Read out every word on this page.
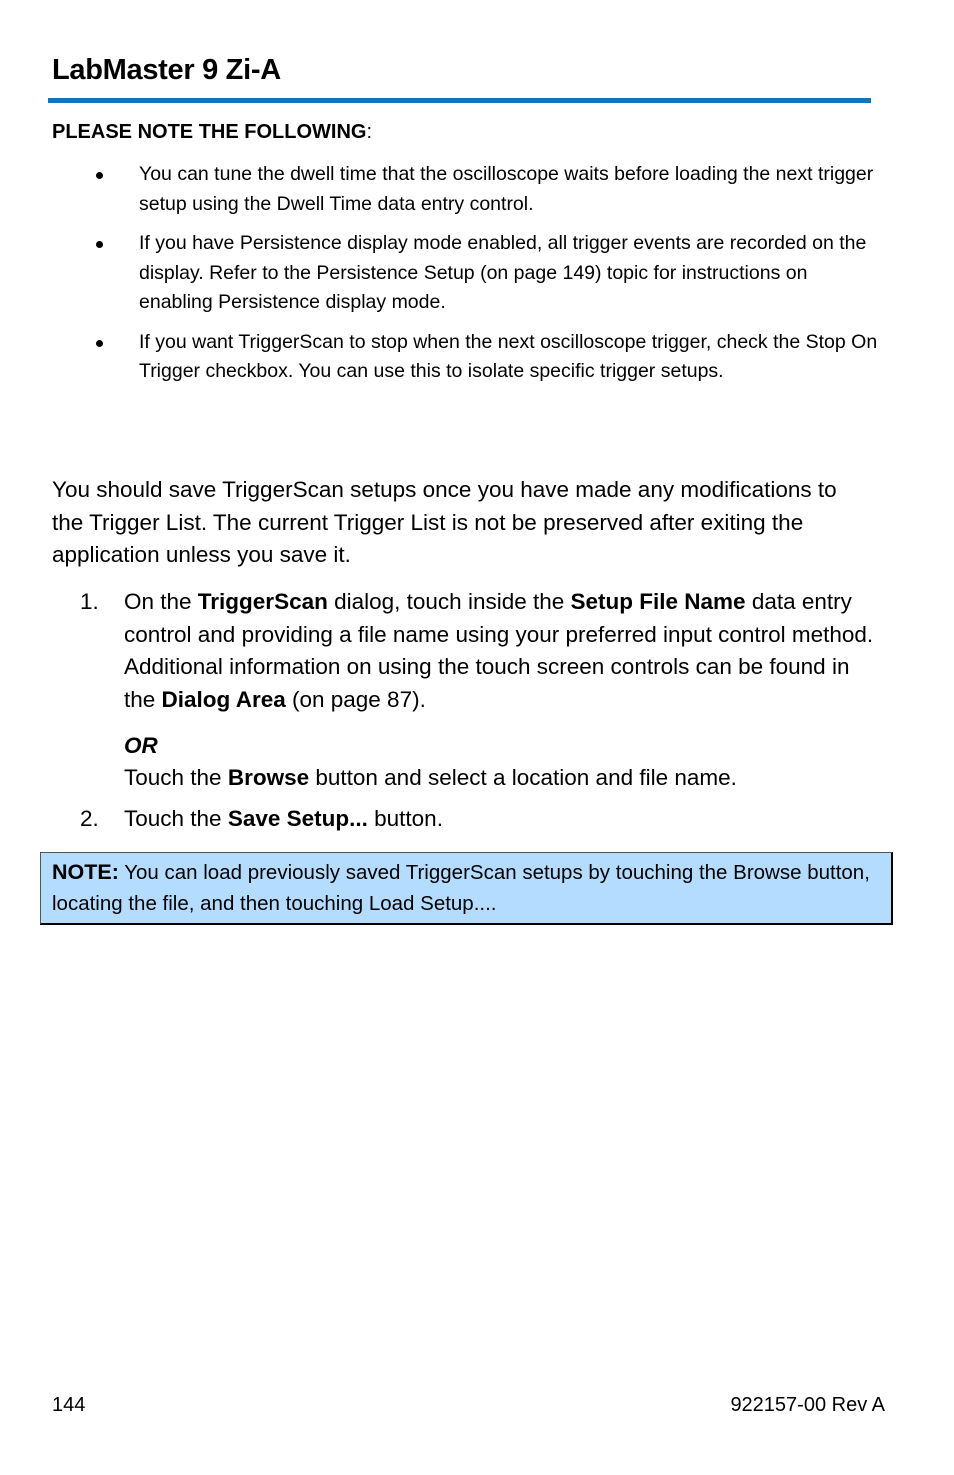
LabMaster 9 Zi-A

PLEASE NOTE THE FOLLOWING:

You can tune the dwell time that the oscilloscope waits before loading the next trigger setup using the Dwell Time data entry control.
If you have Persistence display mode enabled, all trigger events are recorded on the display. Refer to the Persistence Setup (on page 149) topic for instructions on enabling Persistence display mode.
If you want TriggerScan to stop when the next oscilloscope trigger, check the Stop On Trigger checkbox. You can use this to isolate specific trigger setups.

You should save TriggerScan setups once you have made any modifications to the Trigger List. The current Trigger List is not be preserved after exiting the application unless you save it.

1. On the TriggerScan dialog, touch inside the Setup File Name data entry control and providing a file name using your preferred input control method. Additional information on using the touch screen controls can be found in the Dialog Area (on page 87).
OR
Touch the Browse button and select a location and file name.
2. Touch the Save Setup... button.
NOTE: You can load previously saved TriggerScan setups by touching the Browse button, locating the file, and then touching Load Setup....
144	922157-00 Rev A
